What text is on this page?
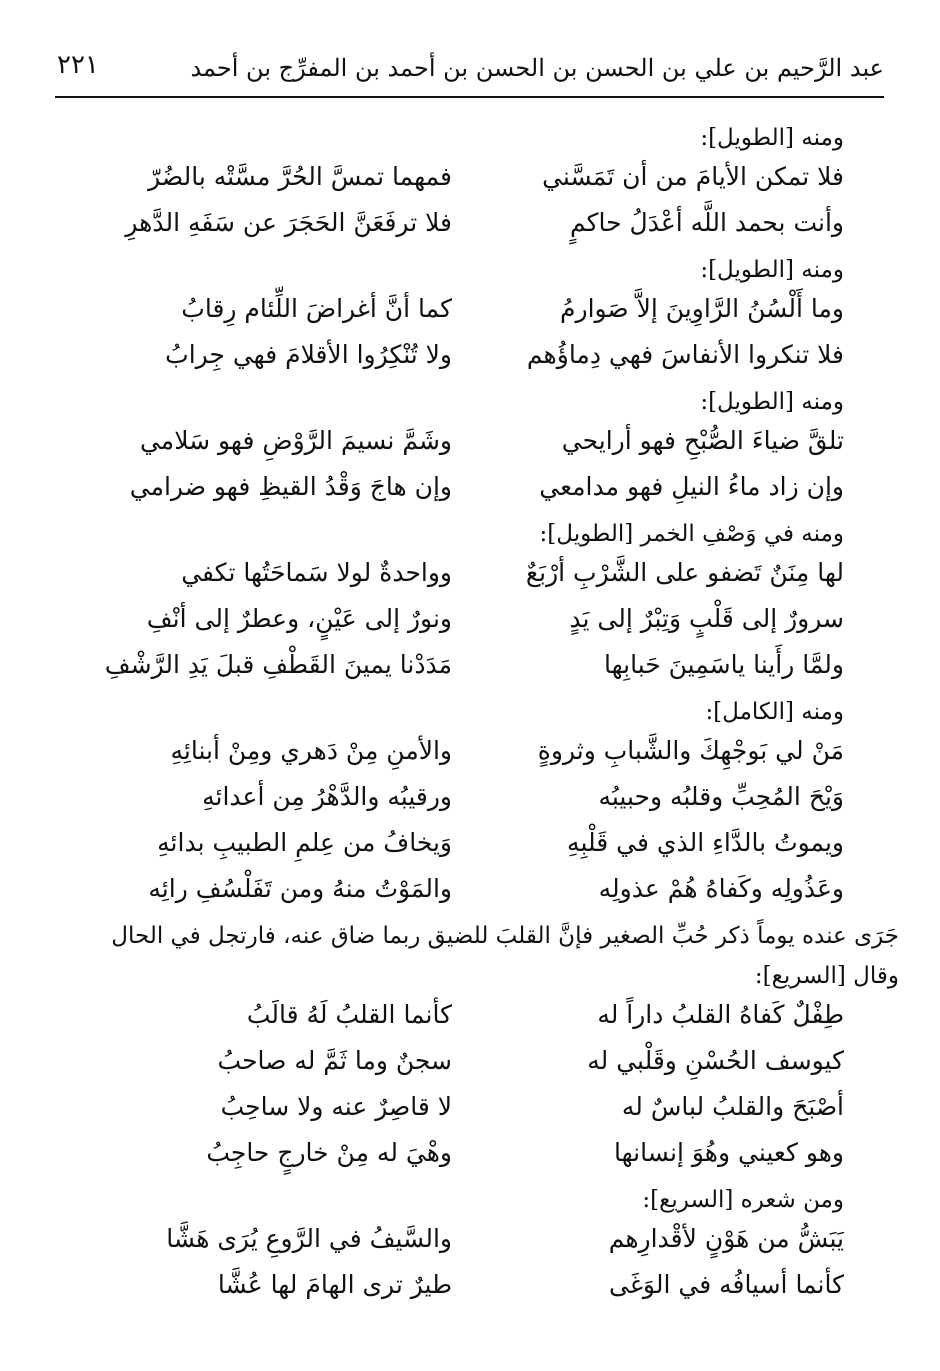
عبد الرَّحيم بن علي بن الحسن بن الحسن بن أحمد بن المفرِّج بن أحمد
٢٢١
ومنه [الطويل]:
فلا تمكن الأيامَ من أن تَمَسَّني
فمهما تمسَّ الحُرَّ مسَّتْه بالضُرّ
وأنت بحمد اللَّه أعْدَلُ حاكمٍ
فلا ترفَعَنَّ الحَجَرَ عن سَفَهِ الدَّهرِ
ومنه [الطويل]:
وما أَلْسُنُ الرَّاوِينَ إلاَّ صَوارمُ
كما أنَّ أغراضَ اللِّئام رِقابُ
فلا تنكروا الأنفاسَ فهي دِماؤُهم
ولا تُنْكِرُوا الأقلامَ فهي جِرابُ
ومنه [الطويل]:
تلقَّ ضياءَ الصُّبْحِ فهو أرايحي
وشَمَّ نسيمَ الرَّوْضِ فهو سَلامي
وإن زاد ماءُ النيلِ فهو مدامعي
وإن هاجَ وَقْدُ القيظِ فهو ضرامي
ومنه في وَصْفِ الخمر [الطويل]:
لها مِنَنٌ تَضفو على الشَّرْبِ أرْبَعٌ
وواحدةٌ لولا سَماحَتُها تكفي
سرورٌ إلى قَلْبٍ وَتِبْرٌ إلى يَدٍ
ونورٌ إلى عَيْنٍ، وعطرٌ إلى أنْفِ
ولمَّا رأَينا ياسَمِينَ حَبابِها
مَدَدْنا يمينَ القَطْفِ قبلَ يَدِ الرَّشْفِ
ومنه [الكامل]:
مَنْ لي بَوجْهِكَ والشَّبابِ وثروةٍ
والأمنِ مِنْ دَهري ومِنْ أبنائِهِ
وَيْحَ المُحِبِّ وقلبُه وحبيبُه
ورقيبُه والدَّهْرُ مِن أعدائهِ
ويموتُ بالدَّاءِ الذي في قَلْبِهِ
وَيخافُ من عِلمِ الطبيبِ بدائهِ
وعَذُولِه وكَفاهُ هُمْ عذولِه
والمَوْتُ منهُ ومن تَفَلْسُفِ رائِه
جَرَى عنده يوماً ذكر حُبِّ الصغير فإنَّ القلبَ للضيق ربما ضاق عنه، فارتجل في الحال
وقال [السريع]:
طِفْلٌ كَفاهُ القلبُ داراً له
كأنما القلبُ لَهُ قالَبُ
كيوسف الحُسْنِ وقَلْبي له
سجنٌ وما ثَمَّ له صاحبُ
أصْبَحَ والقلبُ لباسٌ له
لا قاصِرٌ عنه ولا ساحِبُ
وهو كعيني وهُوَ إنسانها
وهْيَ له مِنْ خارجٍ حاجِبُ
ومن شعره [السريع]:
يَبَشُّ من هَوْنٍ لأقْدارِهم
والسَّيفُ في الرَّوعِ يُرَى هَشَّا
كأنما أسيافُه في الوَغَى
طيرٌ ترى الهامَ لها عُشَّا
